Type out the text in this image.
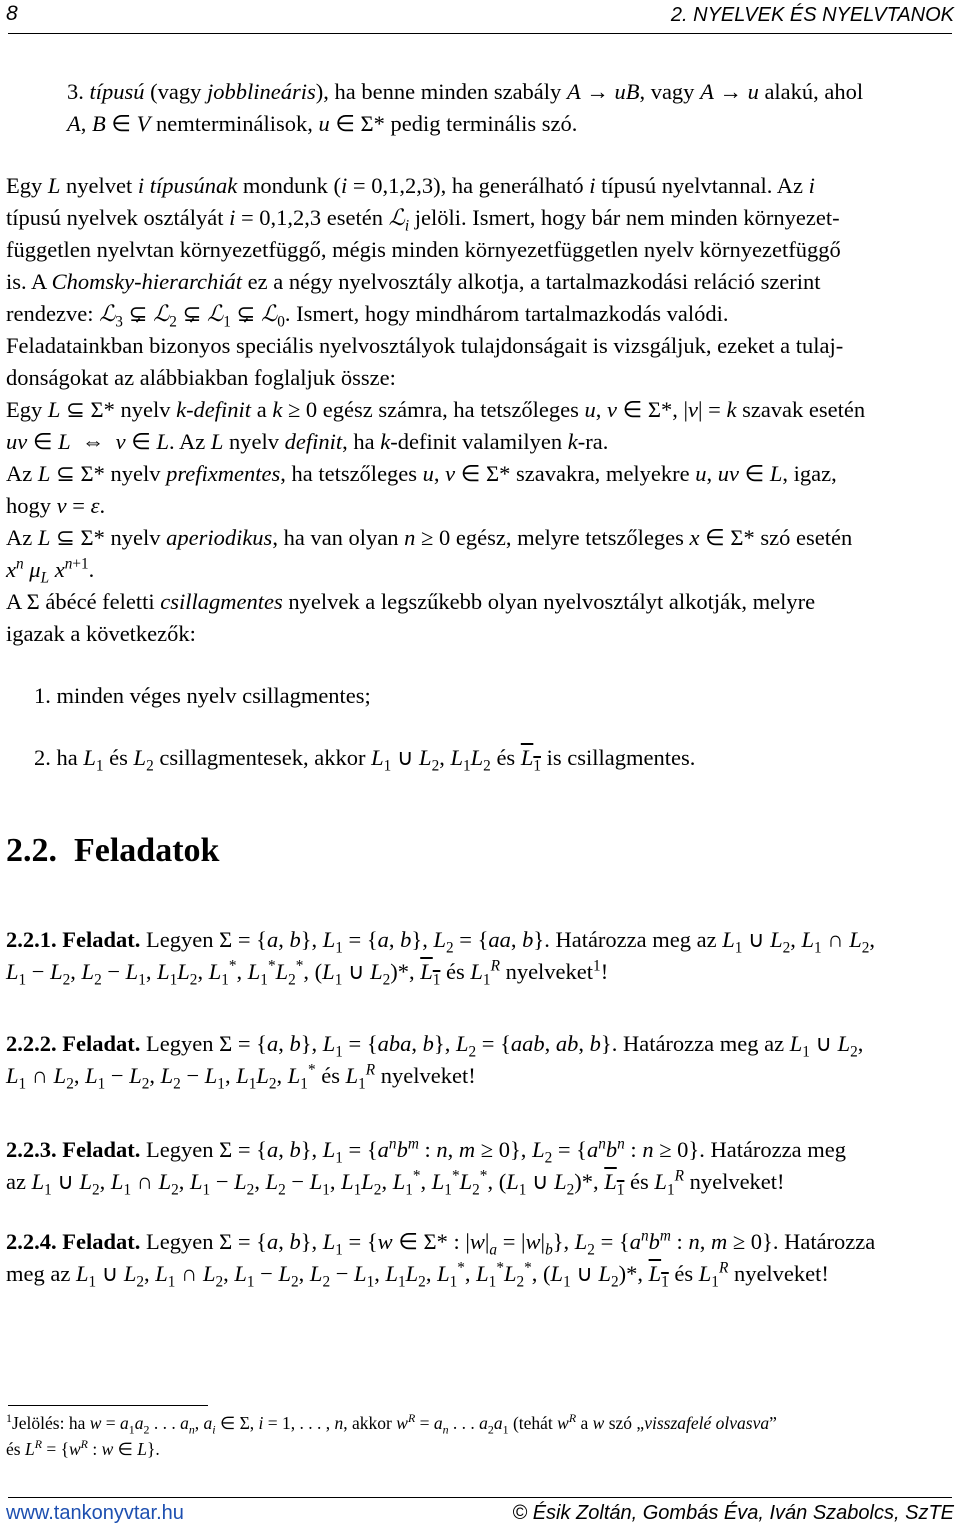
8	2. NYELVEK ÉS NYELVTANOK
3. típusú (vagy jobblineáris), ha benne minden szabály A → uB, vagy A → u alakú, ahol
A, B ∈ V nemterminálisok, u ∈ Σ* pedig terminális szó.
Egy L nyelvet i típusúnak mondunk (i = 0,1,2,3), ha generálható i típusú nyelvtannal. Az i
típusú nyelvek osztályát i = 0,1,2,3 esetén ℒ$_i$ jelöli. Ismert, hogy bár nem minden környezet-
független nyelvtan környezetfüggő, mégis minden környezetfüggetlen nyelv környezetfüggő
is. A Chomsky-hierarchiát ez a négy nyelvosztály alkotja, a tartalmazkodási reláció szerint
rendezve: ℒ$_3$ ⊊ ℒ$_2$ ⊊ ℒ$_1$ ⊊ ℒ$_0$. Ismert, hogy mindhárom tartalmazkodás valódi.
Feladatainkban bizonyos speciális nyelvosztályok tulajdonságait is vizsgáljuk, ezeket a tulaj-
donságokat az alábbiakban foglaljuk össze:
Egy L ⊆ Σ* nyelv k-definit a k ≥ 0 egész számra, ha tetszőleges u, v ∈ Σ*, |v| = k szavak esetén
uv ∈ L  ⇔  v ∈ L. Az L nyelv definit, ha k-definit valamilyen k-ra.
Az L ⊆ Σ* nyelv prefixmentes, ha tetszőleges u, v ∈ Σ* szavakra, melyekre u, uv ∈ L, igaz,
hogy v = ε.
Az L ⊆ Σ* nyelv aperiodikus, ha van olyan n ≥ 0 egész, melyre tetszőleges x ∈ Σ* szó esetén
$x^n$ $\mu_L$ $x^{n+1}$.
A Σ ábécé feletti csillagmentes nyelvek a legszűkebb olyan nyelvosztályt alkotják, melyre
igazak a következők:
1. minden véges nyelv csillagmentes;
2. ha $L_1$ és $L_2$ csillagmentesek, akkor $L_1$ ∪ $L_2$, $L_1L_2$ és $L_1$ is csillagmentes.
2.2. Feladatok
2.2.1. Feladat. Legyen Σ = {a, b}, $L_1 = \{a$, b}, $L_2 = \{aa$, b}. Határozza meg az $L_1$ ∪ $L_2$, $L_1$ ∩ $L_2$,
$L_1 - L_2$, $L_2 - L_1$, $L_1L_2$, $L_1^*$, $L_1^*L_2^*$, ($L_1$ ∪ $L_2)*$, $L_1$ és $L_1^R$ nyelveket$^1$!
2.2.2. Feladat. Legyen Σ = {a, b}, $L_1 = \{aba$, b}, $L_2 = \{aab$, ab, b}. Határozza meg az $L_1$ ∪ $L_2$,
$L_1$ ∩ $L_2$, $L_1 - L_2$, $L_2 - L_1$, $L_1L_2$, $L_1^*$ és $L_1^R$ nyelveket!
2.2.3. Feladat. Legyen Σ = {a, b}, $L_1 = \{a^nb^m$ : n, m ≥ 0}, $L_2 = \{a^nb^n$ : n ≥ 0}. Határozza meg
az $L_1$ ∪ $L_2$, $L_1$ ∩ $L_2$, $L_1 - L_2$, $L_2 - L_1$, $L_1L_2$, $L_1^*$, $L_1^*L_2^*$, ($L_1$ ∪ $L_2)*$, $L_1$ és $L_1^R$ nyelveket!
2.2.4. Feladat. Legyen Σ = {a, b}, $L_1 = \{w$ ∈ Σ* : $|w|_a = |w|_b$}, $L_2 = \{a^nb^m$ : n, m ≥ 0}. Határozza
meg az $L_1$ ∪ $L_2$, $L_1$ ∩ $L_2$, $L_1 - L_2$, $L_2 - L_1$, $L_1L_2$, $L_1^*$, $L_1^*L_2^*$, ($L_1$ ∪ $L_2)*$, $L_1$ és $L_1^R$ nyelveket!
$^1$Jelölés: ha $w = a_1a_2$ . . . $a_n$, $a_i$ ∈ Σ, i = 1, . . . , n, akkor $w^R = a_n$ . . . $a_2a_1$ (tehát $w^R$ a w szó „visszafelé olvasva”
és $L^R = \{w^R$ : w ∈ L}.
www.tankonyvtar.hu	© Ésik Zoltán, Gombás Éva, Iván Szabolcs, SzTE
